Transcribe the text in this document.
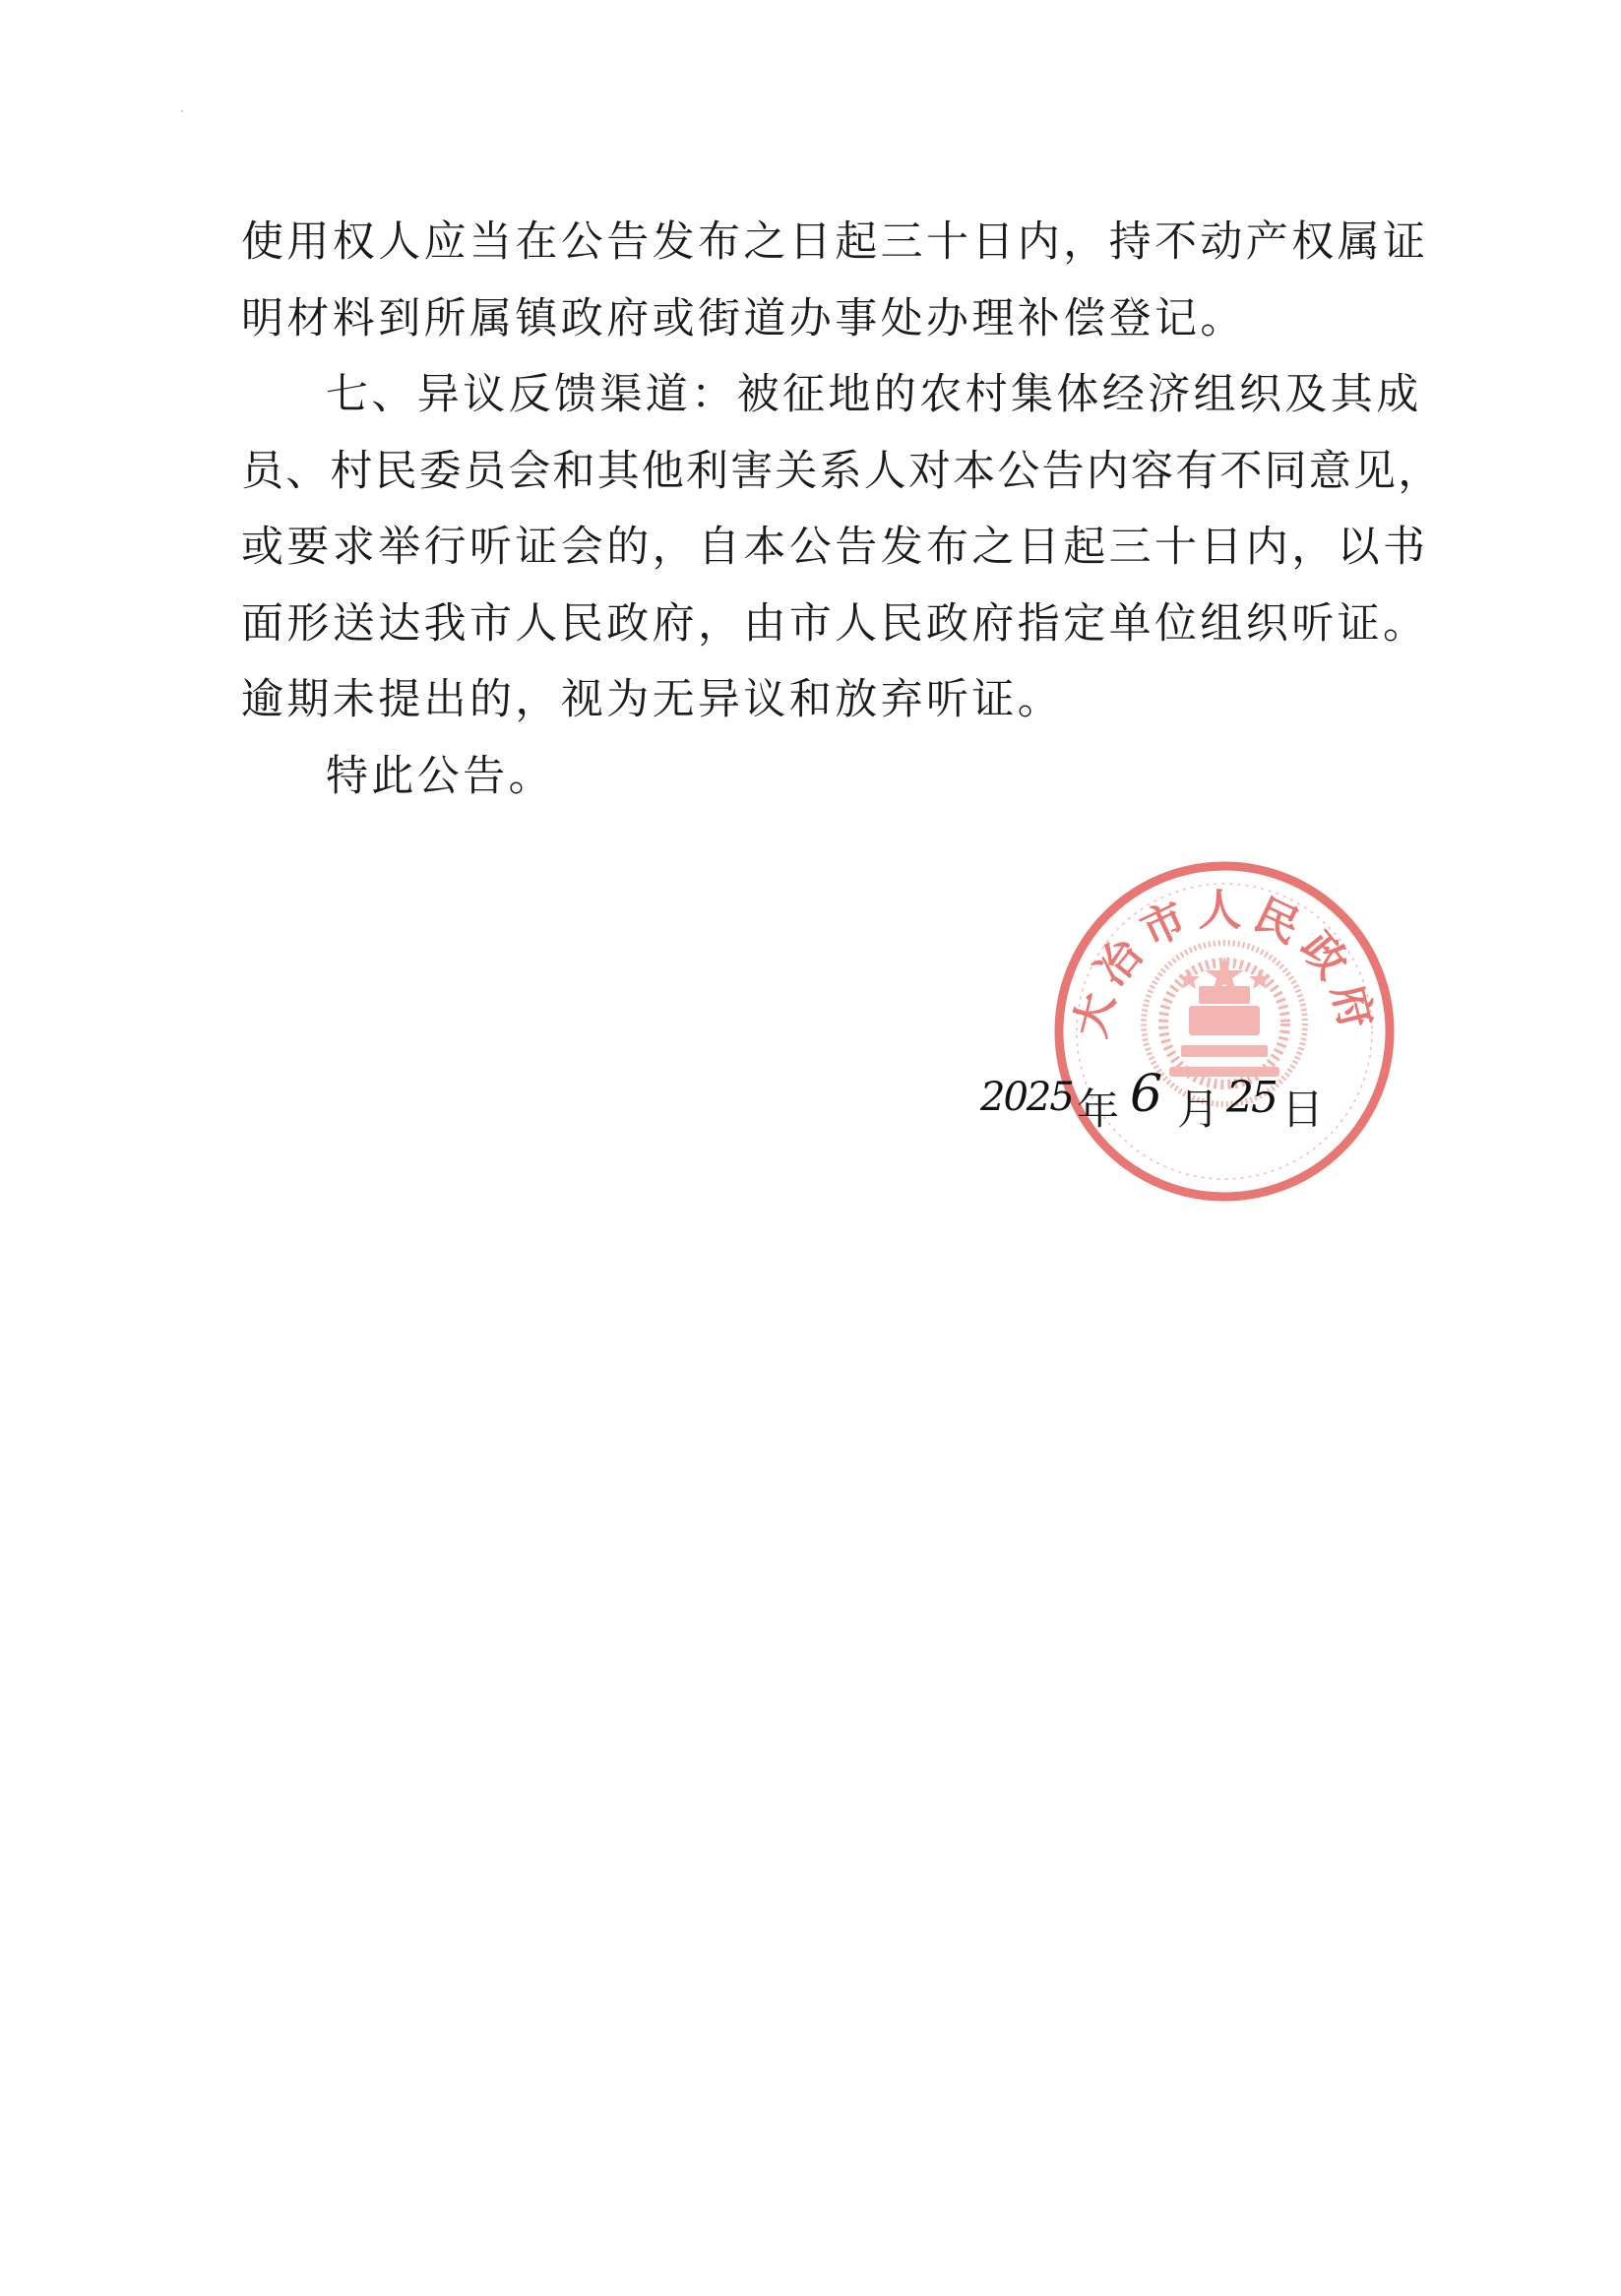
使用权人应当在公告发布之日起三十日内，持不动产权属证
明材料到所属镇政府或街道办事处办理补偿登记。
七、异议反馈渠道：被征地的农村集体经济组织及其成
员、村民委员会和其他利害关系人对本公告内容有不同意见，
或要求举行听证会的，自本公告发布之日起三十日内，以书
面形送达我市人民政府，由市人民政府指定单位组织听证。
逾期未提出的，视为无异议和放弃听证。
特此公告。
大冶市人民政府
2025 年 6 月 25 日
